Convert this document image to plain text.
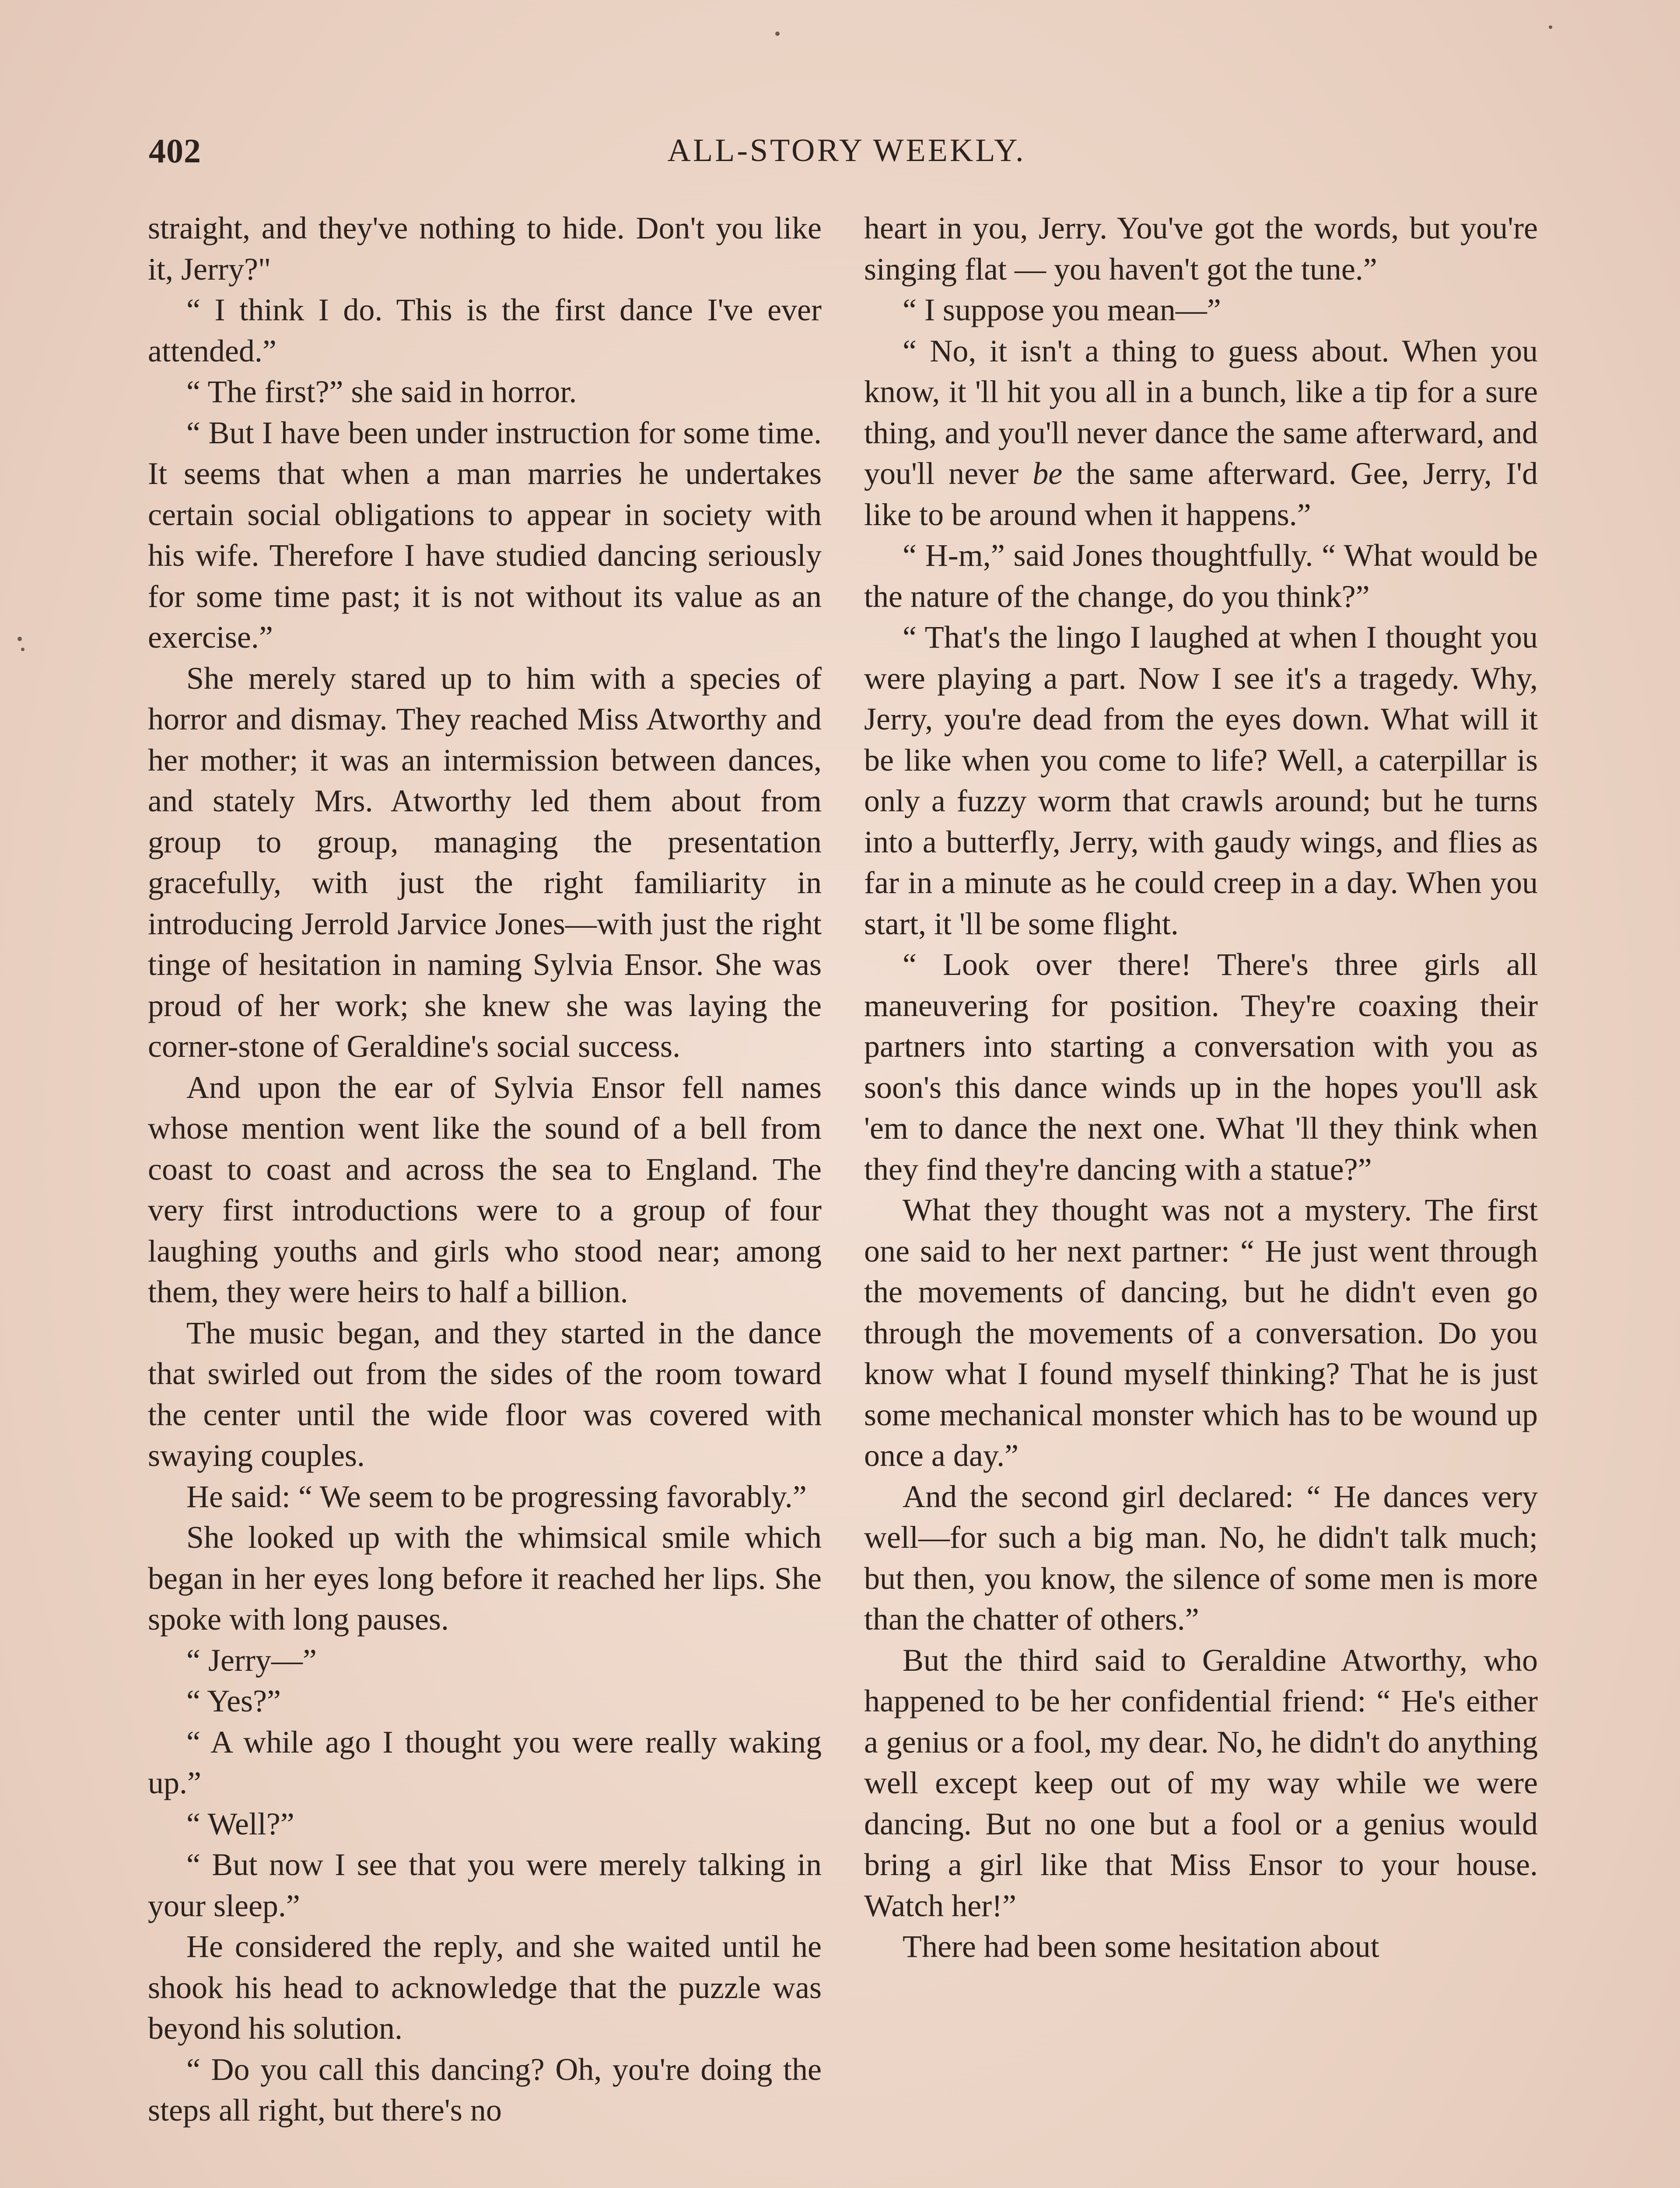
402	ALL-STORY WEEKLY.

straight, and they've nothing to hide. Don't you like it, Jerry?"

“ I think I do. This is the first dance I've ever attended.”

“ The first?” she said in horror.

“ But I have been under instruction for some time. It seems that when a man marries he undertakes certain social obligations to appear in society with his wife. Therefore I have studied dancing seriously for some time past; it is not without its value as an exercise.”

She merely stared up to him with a species of horror and dismay. They reached Miss Atworthy and her mother; it was an intermission between dances, and stately Mrs. Atworthy led them about from group to group, managing the presentation gracefully, with just the right familiarity in introducing Jerrold Jarvice Jones—with just the right tinge of hesitation in naming Sylvia Ensor. She was proud of her work; she knew she was laying the corner-stone of Geraldine's social success.

And upon the ear of Sylvia Ensor fell names whose mention went like the sound of a bell from coast to coast and across the sea to England. The very first introductions were to a group of four laughing youths and girls who stood near; among them, they were heirs to half a billion.

The music began, and they started in the dance that swirled out from the sides of the room toward the center until the wide floor was covered with swaying couples.

He said: “ We seem to be progressing favorably.”

She looked up with the whimsical smile which began in her eyes long before it reached her lips. She spoke with long pauses.

“ Jerry—”

“ Yes?”

“ A while ago I thought you were really waking up.”

“ Well?”

“ But now I see that you were merely talking in your sleep.”

He considered the reply, and she waited until he shook his head to acknowledge that the puzzle was beyond his solution.

“ Do you call this dancing? Oh, you're doing the steps all right, but there's no

heart in you, Jerry. You've got the words, but you're singing flat — you haven't got the tune.”

“ I suppose you mean—”

“ No, it isn't a thing to guess about. When you know, it 'll hit you all in a bunch, like a tip for a sure thing, and you'll never dance the same afterward, and you'll never be the same afterward. Gee, Jerry, I'd like to be around when it happens.”

“ H-m,” said Jones thoughtfully. “ What would be the nature of the change, do you think?”

“ That's the lingo I laughed at when I thought you were playing a part. Now I see it's a tragedy. Why, Jerry, you're dead from the eyes down. What will it be like when you come to life? Well, a caterpillar is only a fuzzy worm that crawls around; but he turns into a butterfly, Jerry, with gaudy wings, and flies as far in a minute as he could creep in a day. When you start, it 'll be some flight.

“ Look over there! There's three girls all maneuvering for position. They're coaxing their partners into starting a conversation with you as soon's this dance winds up in the hopes you'll ask 'em to dance the next one. What 'll they think when they find they're dancing with a statue?”

What they thought was not a mystery. The first one said to her next partner: “ He just went through the movements of dancing, but he didn't even go through the movements of a conversation. Do you know what I found myself thinking? That he is just some mechanical monster which has to be wound up once a day.”

And the second girl declared: “ He dances very well—for such a big man. No, he didn't talk much; but then, you know, the silence of some men is more than the chatter of others.”

But the third said to Geraldine Atworthy, who happened to be her confidential friend: “ He's either a genius or a fool, my dear. No, he didn't do anything well except keep out of my way while we were dancing. But no one but a fool or a genius would bring a girl like that Miss Ensor to your house. Watch her!”

There had been some hesitation about
